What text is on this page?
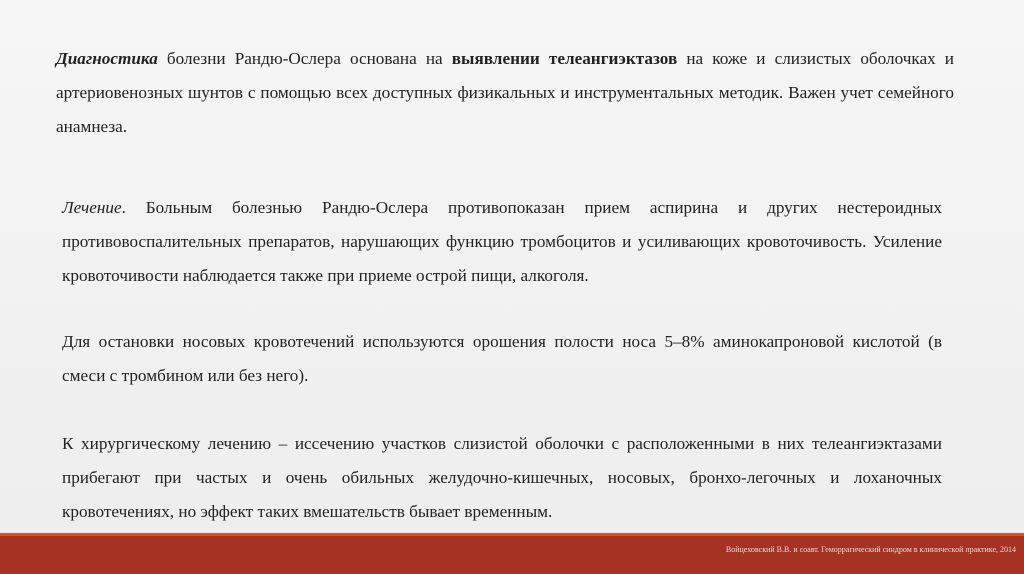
Диагностика болезни Рандю-Ослера основана на выявлении телеангиэктазов на коже и слизистых оболочках и артериовенозных шунтов с помощью всех доступных физикальных и инструментальных методик. Важен учет семейного анамнеза.

Лечение. Больным болезнью Рандю-Ослера противопоказан прием аспирина и других нестероидных противовоспалительных препаратов, нарушающих функцию тромбоцитов и усиливающих кровоточивость. Усиление кровоточивости наблюдается также при приеме острой пищи, алкоголя.

Для остановки носовых кровотечений используются орошения полости носа 5–8% аминокапроновой кислотой (в смеси с тромбином или без него).

К хирургическому лечению – иссечению участков слизистой оболочки с расположенными в них телеангиэктазами прибегают при частых и очень обильных желудочно-кишечных, носовых, бронхо-легочных и лоханочных кровотечениях, но эффект таких вмешательств бывает временным.

Войцеховский В.В. и соавт. Геморрагический синдром в клинической практике, 2014
